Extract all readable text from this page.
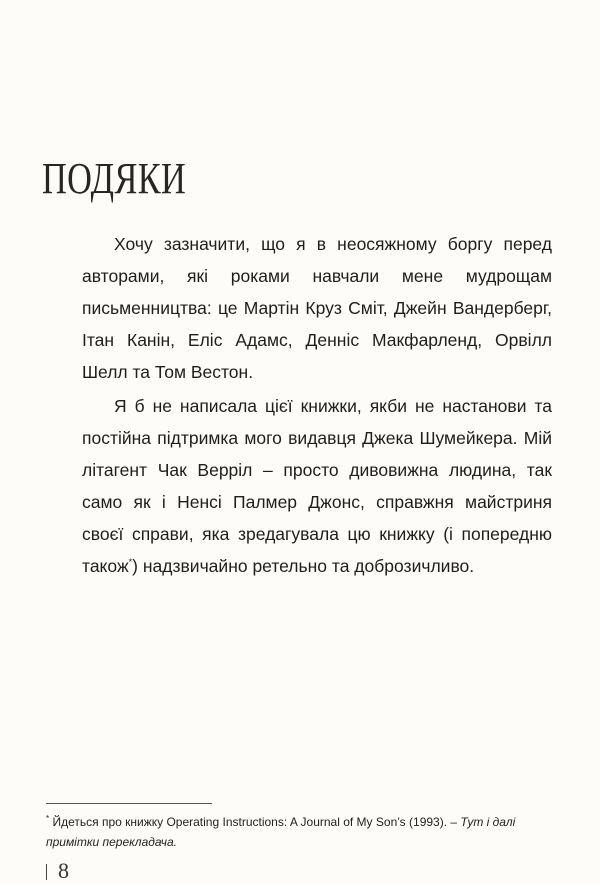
ПОДЯКИ

Хочу зазначити, що я в неосяжному боргу перед авторами, які роками навчали мене мудрощам письменництва: це Мартін Круз Сміт, Джейн Вандерберг, Ітан Канін, Еліс Адамс, Денніс Макфарленд, Орвілл Шелл та Том Вестон.

Я б не написала цієї книжки, якби не настанови та постійна підтримка мого видавця Джека Шумейкера. Мій літагент Чак Верріл – просто дивовижна людина, так само як і Ненсі Палмер Джонс, справжня майстриня своєї справи, яка зредагувала цю книжку (і попередню також*) надзвичайно ретельно та доброзичливо.

* Йдеться про книжку Operating Instructions: A Journal of My Son’s (1993). – Тут і далі примітки перекладача.

8
